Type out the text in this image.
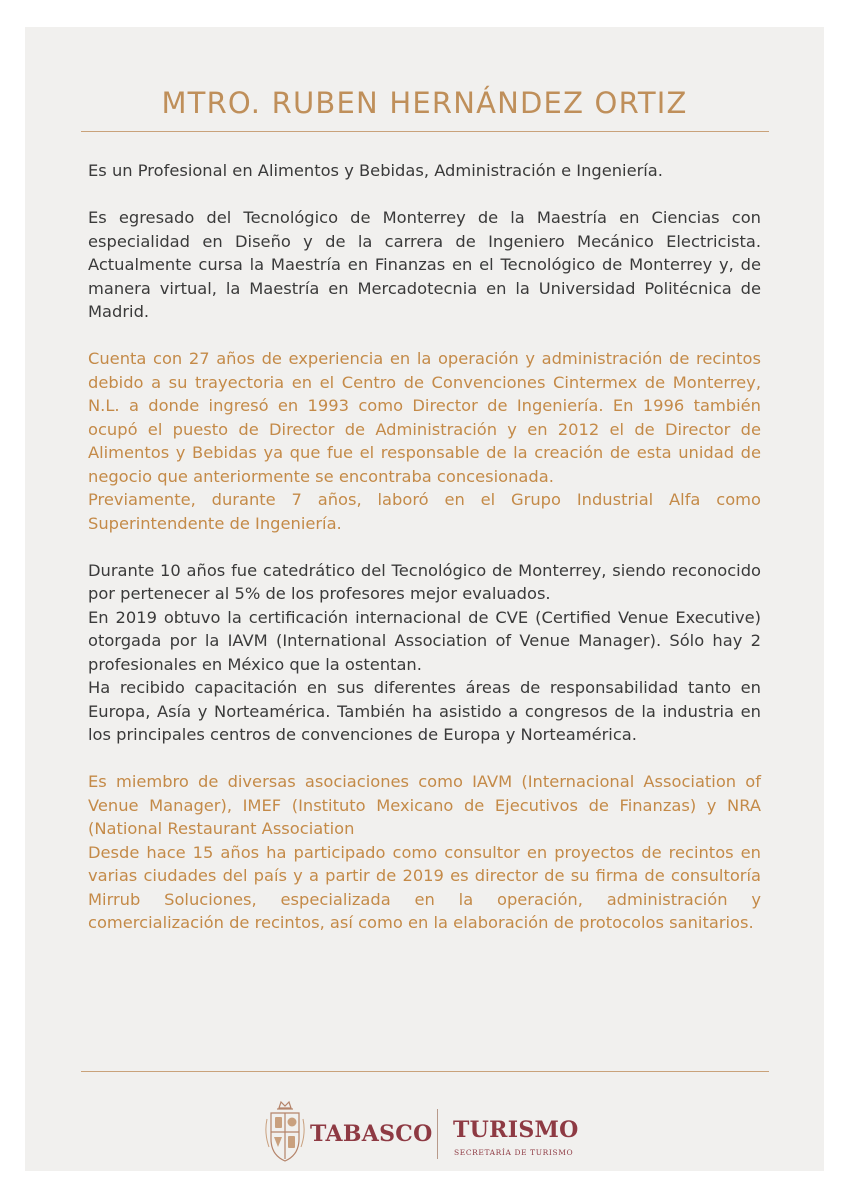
MTRO. RUBEN HERNÁNDEZ ORTIZ

Es un Profesional en Alimentos y Bebidas, Administración e Ingeniería.

Es egresado del Tecnológico de Monterrey de la Maestría en Ciencias con especialidad en Diseño y de la carrera de Ingeniero Mecánico Electricista. Actualmente cursa la Maestría en Finanzas en el Tecnológico de Monterrey y, de manera virtual, la Maestría en Mercadotecnia en la Universidad Politécnica de Madrid.

Cuenta con 27 años de experiencia en la operación y administración de recintos debido a su trayectoria en el Centro de Convenciones Cintermex de Monterrey, N.L. a donde ingresó en 1993 como Director de Ingeniería. En 1996 también ocupó el puesto de Director de Administración y en 2012 el de Director de Alimentos y Bebidas ya que fue el responsable de la creación de esta unidad de negocio que anteriormente se encontraba concesionada.

Previamente, durante 7 años, laboró en el Grupo Industrial Alfa como Superintendente de Ingeniería.

Durante 10 años fue catedrático del Tecnológico de Monterrey, siendo reconocido por pertenecer al 5% de los profesores mejor evaluados.

En 2019 obtuvo la certificación internacional de CVE (Certified Venue Executive) otorgada por la IAVM (International Association of Venue Manager). Sólo hay 2 profesionales en México que la ostentan.

Ha recibido capacitación en sus diferentes áreas de responsabilidad tanto en Europa, Asía y Norteamérica. También ha asistido a congresos de la industria en los principales centros de convenciones de Europa y Norteamérica.

Es miembro de diversas asociaciones como IAVM (Internacional Association of Venue Manager), IMEF (Instituto Mexicano de Ejecutivos de Finanzas) y NRA (National Restaurant Association

Desde hace 15 años ha participado como consultor en proyectos de recintos en varias ciudades del país y a partir de 2019 es director de su firma de consultoría Mirrub Soluciones, especializada en la operación, administración y comercialización de recintos, así como en la elaboración de protocolos sanitarios.

TABASCO TURISMO

SECRETARÍA DE TURISMO
